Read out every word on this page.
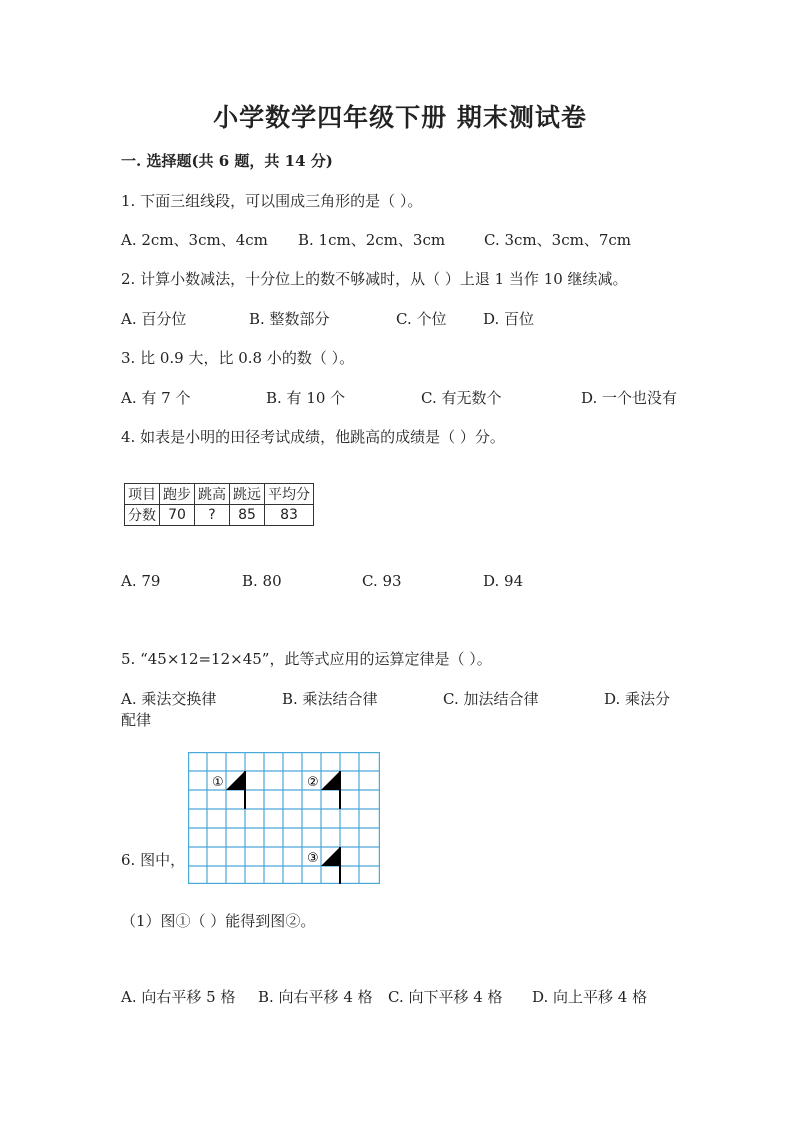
小学数学四年级下册 期末测试卷
一. 选择题(共 6 题，共 14 分)
1. 下面三组线段，可以围成三角形的是（ ）。
A. 2cm、3cm、4cm B. 1cm、2cm、3cm	C. 3cm、3cm、7cm
2. 计算小数减法，十分位上的数不够减时，从（ ）上退 1 当作 10 继续减。
A. 百分位	B. 整数部分	C. 个位 D. 百位
3. 比 0.9 大，比 0.8 小的数（ ）。
A. 有 7 个	B. 有 10 个	C. 有无数个	D. 一个也没有
4. 如表是小明的田径考试成绩，他跳高的成绩是（ ）分。
项目	跑步	跳高	跳远	平均分
分数	70	?	85	83
A. 79	B. 80	C. 93	D. 94
5. “45×12=12×45”，此等式应用的运算定律是（ ）。
A. 乘法交换律	B. 乘法结合律	C. 加法结合律	D. 乘法分
配律
6. 图中，
①	②
③
（1）图①（ ）能得到图②。
A. 向右平移 5 格 B. 向右平移 4 格 C. 向下平移 4 格 D. 向上平移 4 格
